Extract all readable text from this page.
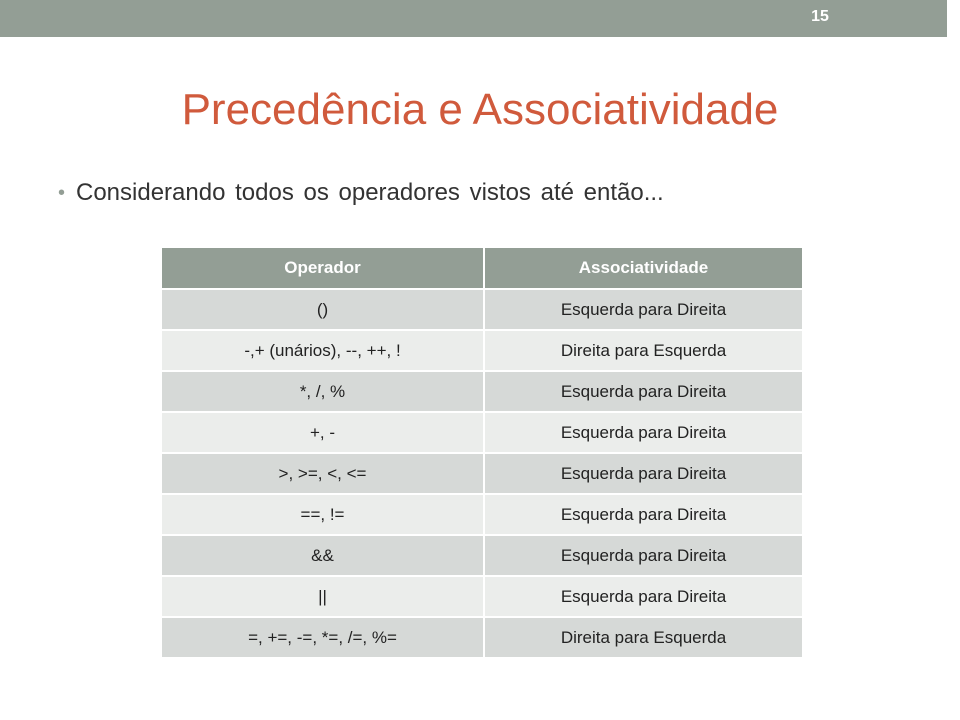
15
Precedência e Associatividade
• Considerando todos os operadores vistos até então...
Operador	Associatividade
()	Esquerda para Direita
-,+ (unários), --, ++, !	Direita para Esquerda
*, /, %	Esquerda para Direita
+, -	Esquerda para Direita
>, >=, <, <=	Esquerda para Direita
==, !=	Esquerda para Direita
&&	Esquerda para Direita
||	Esquerda para Direita
=, +=, -=, *=, /=, %=	Direita para Esquerda
